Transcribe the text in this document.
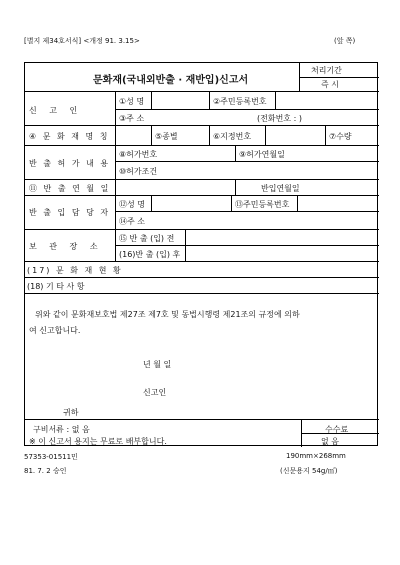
[별지 제34호서식] <개정 91. 3.15>	(앞 쪽)
문화재(국내외반출 · 재반입)신고서
처리기간
즉 시
신 고 인
①성 명	②주민등록번호
③주 소	(전화번호 : )
④ 문 화 재 명 칭	⑤종별	⑥지정번호	⑦수량
반 출 허 가 내 용
⑧허가번호	⑨허가연월일
⑩허가조건
⑪ 반 출 연 월 일	반입연월일
반 출 입 담 당 자
⑫성 명	⑬주민등록번호
⑭주 소
보 관 장 소
⑮ 반 출 (입) 전
(16)반 출 (입) 후
(17) 문 화 재 현 황
(18) 기 타 사 항
위와 같이 문화재보호법 제27조 제7호 및 동법시행령 제21조의 규정에 의하
여 신고합니다.
년 월 일
신고인
귀하
구비서류 : 없 음
※ 이 신고서 용지는 무료로 배부합니다.
수수료
없 음
57353-01511민
81. 7. 2 승인
190mm×268mm
(신문용지 54g/㎡)
